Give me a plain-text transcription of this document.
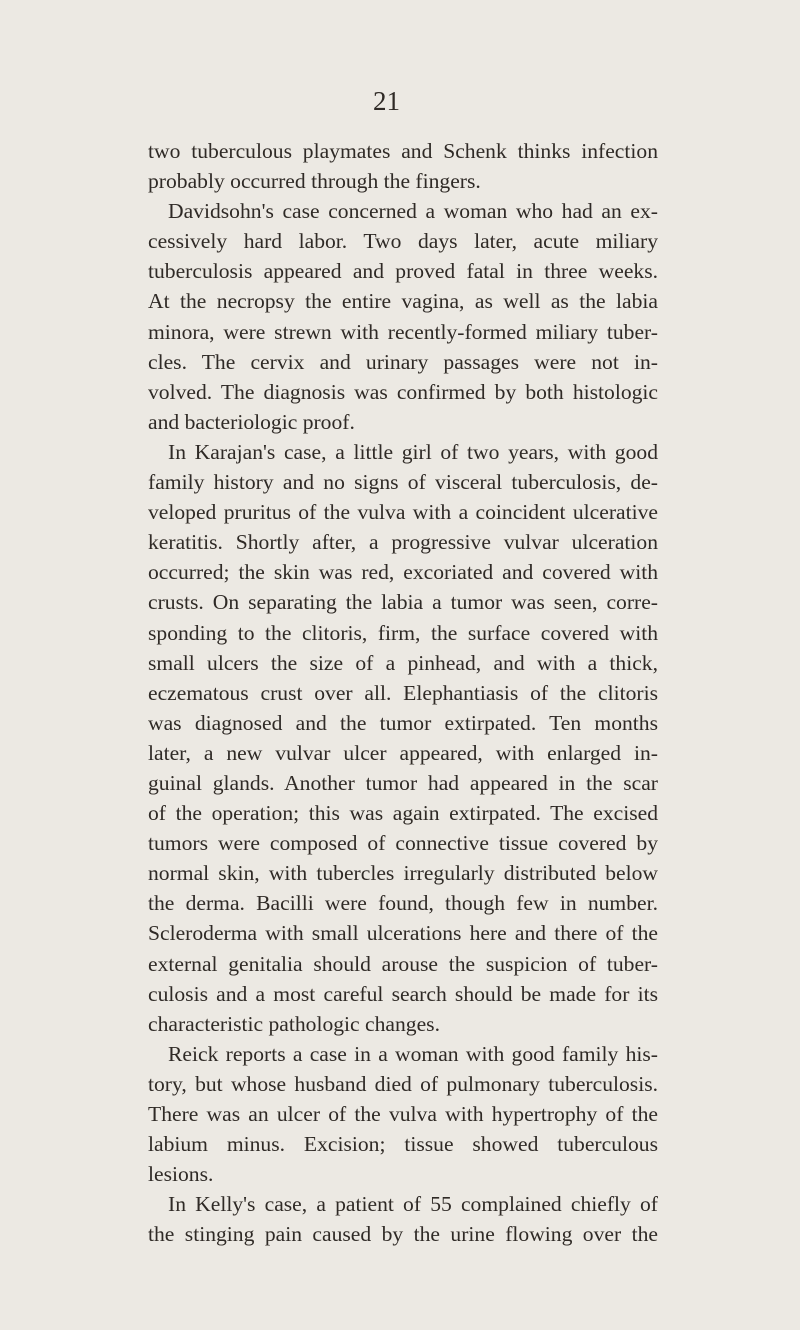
21
two tuberculous playmates and Schenk thinks infection
probably occurred through the fingers.
Davidsohn's case concerned a woman who had an ex-
cessively hard labor. Two days later, acute miliary
tuberculosis appeared and proved fatal in three weeks.
At the necropsy the entire vagina, as well as the labia
minora, were strewn with recently-formed miliary tuber-
cles. The cervix and urinary passages were not in-
volved. The diagnosis was confirmed by both histologic
and bacteriologic proof.
In Karajan's case, a little girl of two years, with good
family history and no signs of visceral tuberculosis, de-
veloped pruritus of the vulva with a coincident ulcerative
keratitis. Shortly after, a progressive vulvar ulceration
occurred; the skin was red, excoriated and covered with
crusts. On separating the labia a tumor was seen, corre-
sponding to the clitoris, firm, the surface covered with
small ulcers the size of a pinhead, and with a thick,
eczematous crust over all. Elephantiasis of the clitoris
was diagnosed and the tumor extirpated. Ten months
later, a new vulvar ulcer appeared, with enlarged in-
guinal glands. Another tumor had appeared in the scar
of the operation; this was again extirpated. The excised
tumors were composed of connective tissue covered by
normal skin, with tubercles irregularly distributed below
the derma. Bacilli were found, though few in number.
Scleroderma with small ulcerations here and there of the
external genitalia should arouse the suspicion of tuber-
culosis and a most careful search should be made for its
characteristic pathologic changes.
Reick reports a case in a woman with good family his-
tory, but whose husband died of pulmonary tuberculosis.
There was an ulcer of the vulva with hypertrophy of the
labium minus. Excision; tissue showed tuberculous
lesions.
In Kelly's case, a patient of 55 complained chiefly of
the stinging pain caused by the urine flowing over the
